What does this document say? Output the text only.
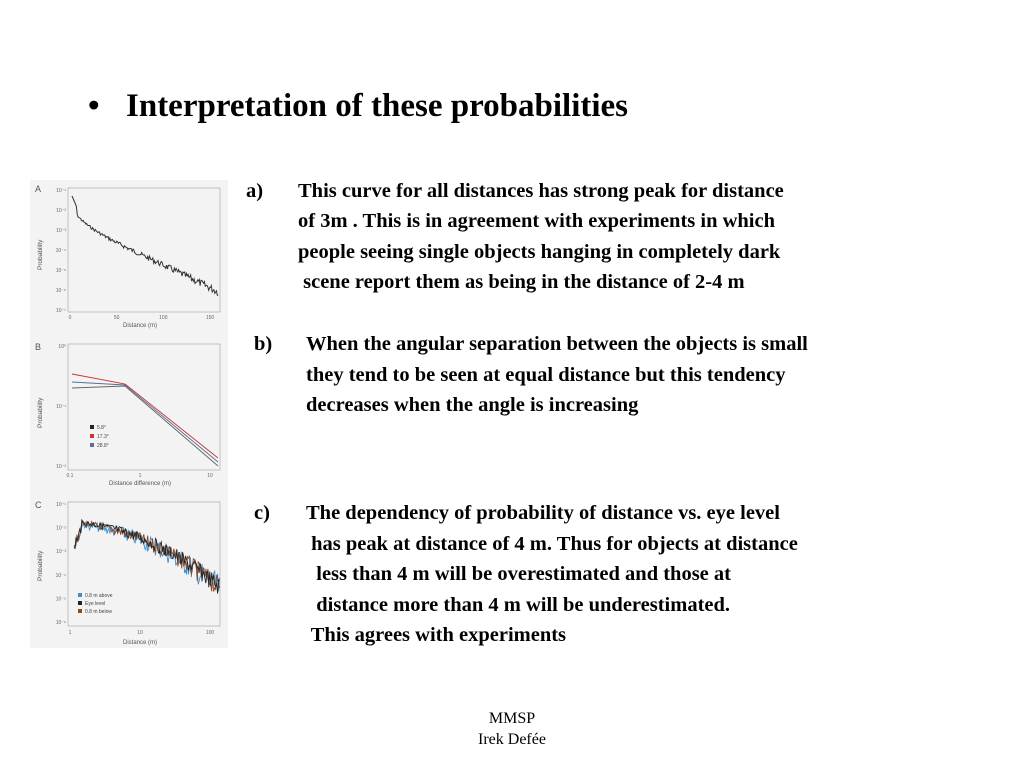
• Interpretation of these probabilities
A
Probability
10⁻¹
10⁻²
10⁻³
10⁻⁴
10⁻⁵
10⁻⁶
10⁻⁷
0	50	100	150
Distance (m)
B
Probability
10⁰
10⁻¹
10⁻²
0.1	1	10
5.8°
17.3°
28.8°
Distance difference (m)
C
Probability
10⁻¹
10⁻²
10⁻³
10⁻⁴
10⁻⁵
10⁻⁶
1	10	100
0.8 m above
Eye level
0.8 m below
Distance (m)
a) This curve for all distances has strong peak for distance
of 3m . This is in agreement with experiments in which
people seeing single objects hanging in completely dark
scene report them as being in the distance of 2-4 m
b) When the angular separation between the objects is small
they tend to be seen at equal distance but this tendency
decreases when the angle is increasing
c) The dependency of probability of distance vs. eye level
has peak at distance of 4 m. Thus for objects at distance
less than 4 m will be overestimated and those at
distance more than 4 m will be underestimated.
This agrees with experiments
MMSP
Irek Defée
